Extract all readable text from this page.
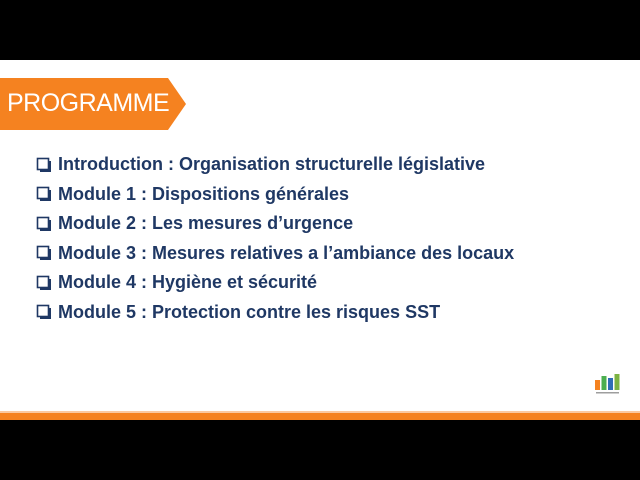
PROGRAMME
Introduction : Organisation structurelle législative
Module 1 : Dispositions générales
Module 2 : Les mesures d’urgence
Module 3 : Mesures relatives a l’ambiance des locaux
Module 4 : Hygiène et sécurité
Module 5 : Protection contre les risques SST
